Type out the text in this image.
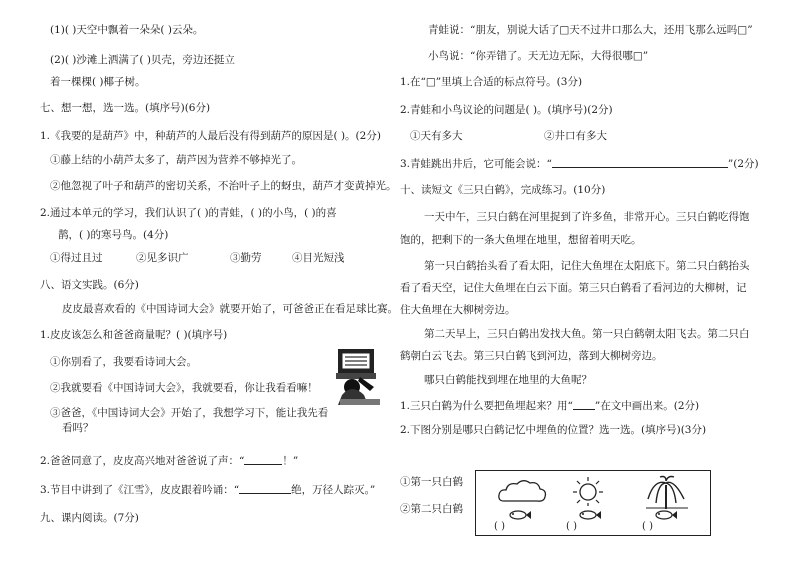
(1)( )天空中飘着一朵朵( )云朵。
(2)( )沙滩上洒满了( )贝壳，旁边还挺立
着一棵棵( )椰子树。
七、想一想，选一选。(填序号)(6分)
1.《我要的是葫芦》中，种葫芦的人最后没有得到葫芦的原因是( )。(2分)
①藤上结的小葫芦太多了，葫芦因为营养不够掉光了。
②他忽视了叶子和葫芦的密切关系，不治叶子上的蚜虫，葫芦才变黄掉光。
2.通过本单元的学习，我们认识了( )的青蛙，( )的小鸟，( )的喜
鹊，( )的寒号鸟。(4分)
①得过且过	②见多识广	③勤劳	④目光短浅
八、语文实践。(6分)
皮皮最喜欢看的《中国诗词大会》就要开始了，可爸爸正在看足球比赛。
1.皮皮该怎么和爸爸商量呢？( )(填序号)
①你别看了，我要看诗词大会。
②我就要看《中国诗词大会》，我就要看，你让我看看嘛！
③爸爸，《中国诗词大会》开始了，我想学习下，能让我先看
看吗？
2.爸爸同意了，皮皮高兴地对爸爸说了声：“	！”
3.节目中讲到了《江雪》，皮皮跟着吟诵：“	绝，万径人踪灭。”
九、课内阅读。(7分)
青蛙说：“朋友，别说大话了□天不过井口那么大，还用飞那么远吗□”
小鸟说：“你弄错了。天无边无际，大得很哪□”
1.在“□”里填上合适的标点符号。(3分)
2.青蛙和小鸟议论的问题是( )。(填序号)(2分)
①天有多大	②井口有多大
3.青蛙跳出井后，它可能会说：“	”(2分)
十、读短文《三只白鹤》，完成练习。(10分)
一天中午，三只白鹤在河里捉到了许多鱼，非常开心。三只白鹤吃得饱
饱的，把剩下的一条大鱼埋在地里，想留着明天吃。
第一只白鹤抬头看了看太阳，记住大鱼埋在太阳底下。第二只白鹤抬头
看了看天空，记住大鱼埋在白云下面。第三只白鹤看了看河边的大柳树，记
住大鱼埋在大柳树旁边。
第二天早上，三只白鹤出发找大鱼。第一只白鹤朝太阳飞去。第二只白
鹤朝白云飞去。第三只白鹤飞到河边，落到大柳树旁边。
哪只白鹤能找到埋在地里的大鱼呢？
1.三只白鹤为什么要把鱼埋起来？用“ ”在文中画出来。(2分)
2.下图分别是哪只白鹤记忆中埋鱼的位置？选一选。(填序号)(3分)
①第一只白鹤
②第二只白鹤
( )	( )	( )
